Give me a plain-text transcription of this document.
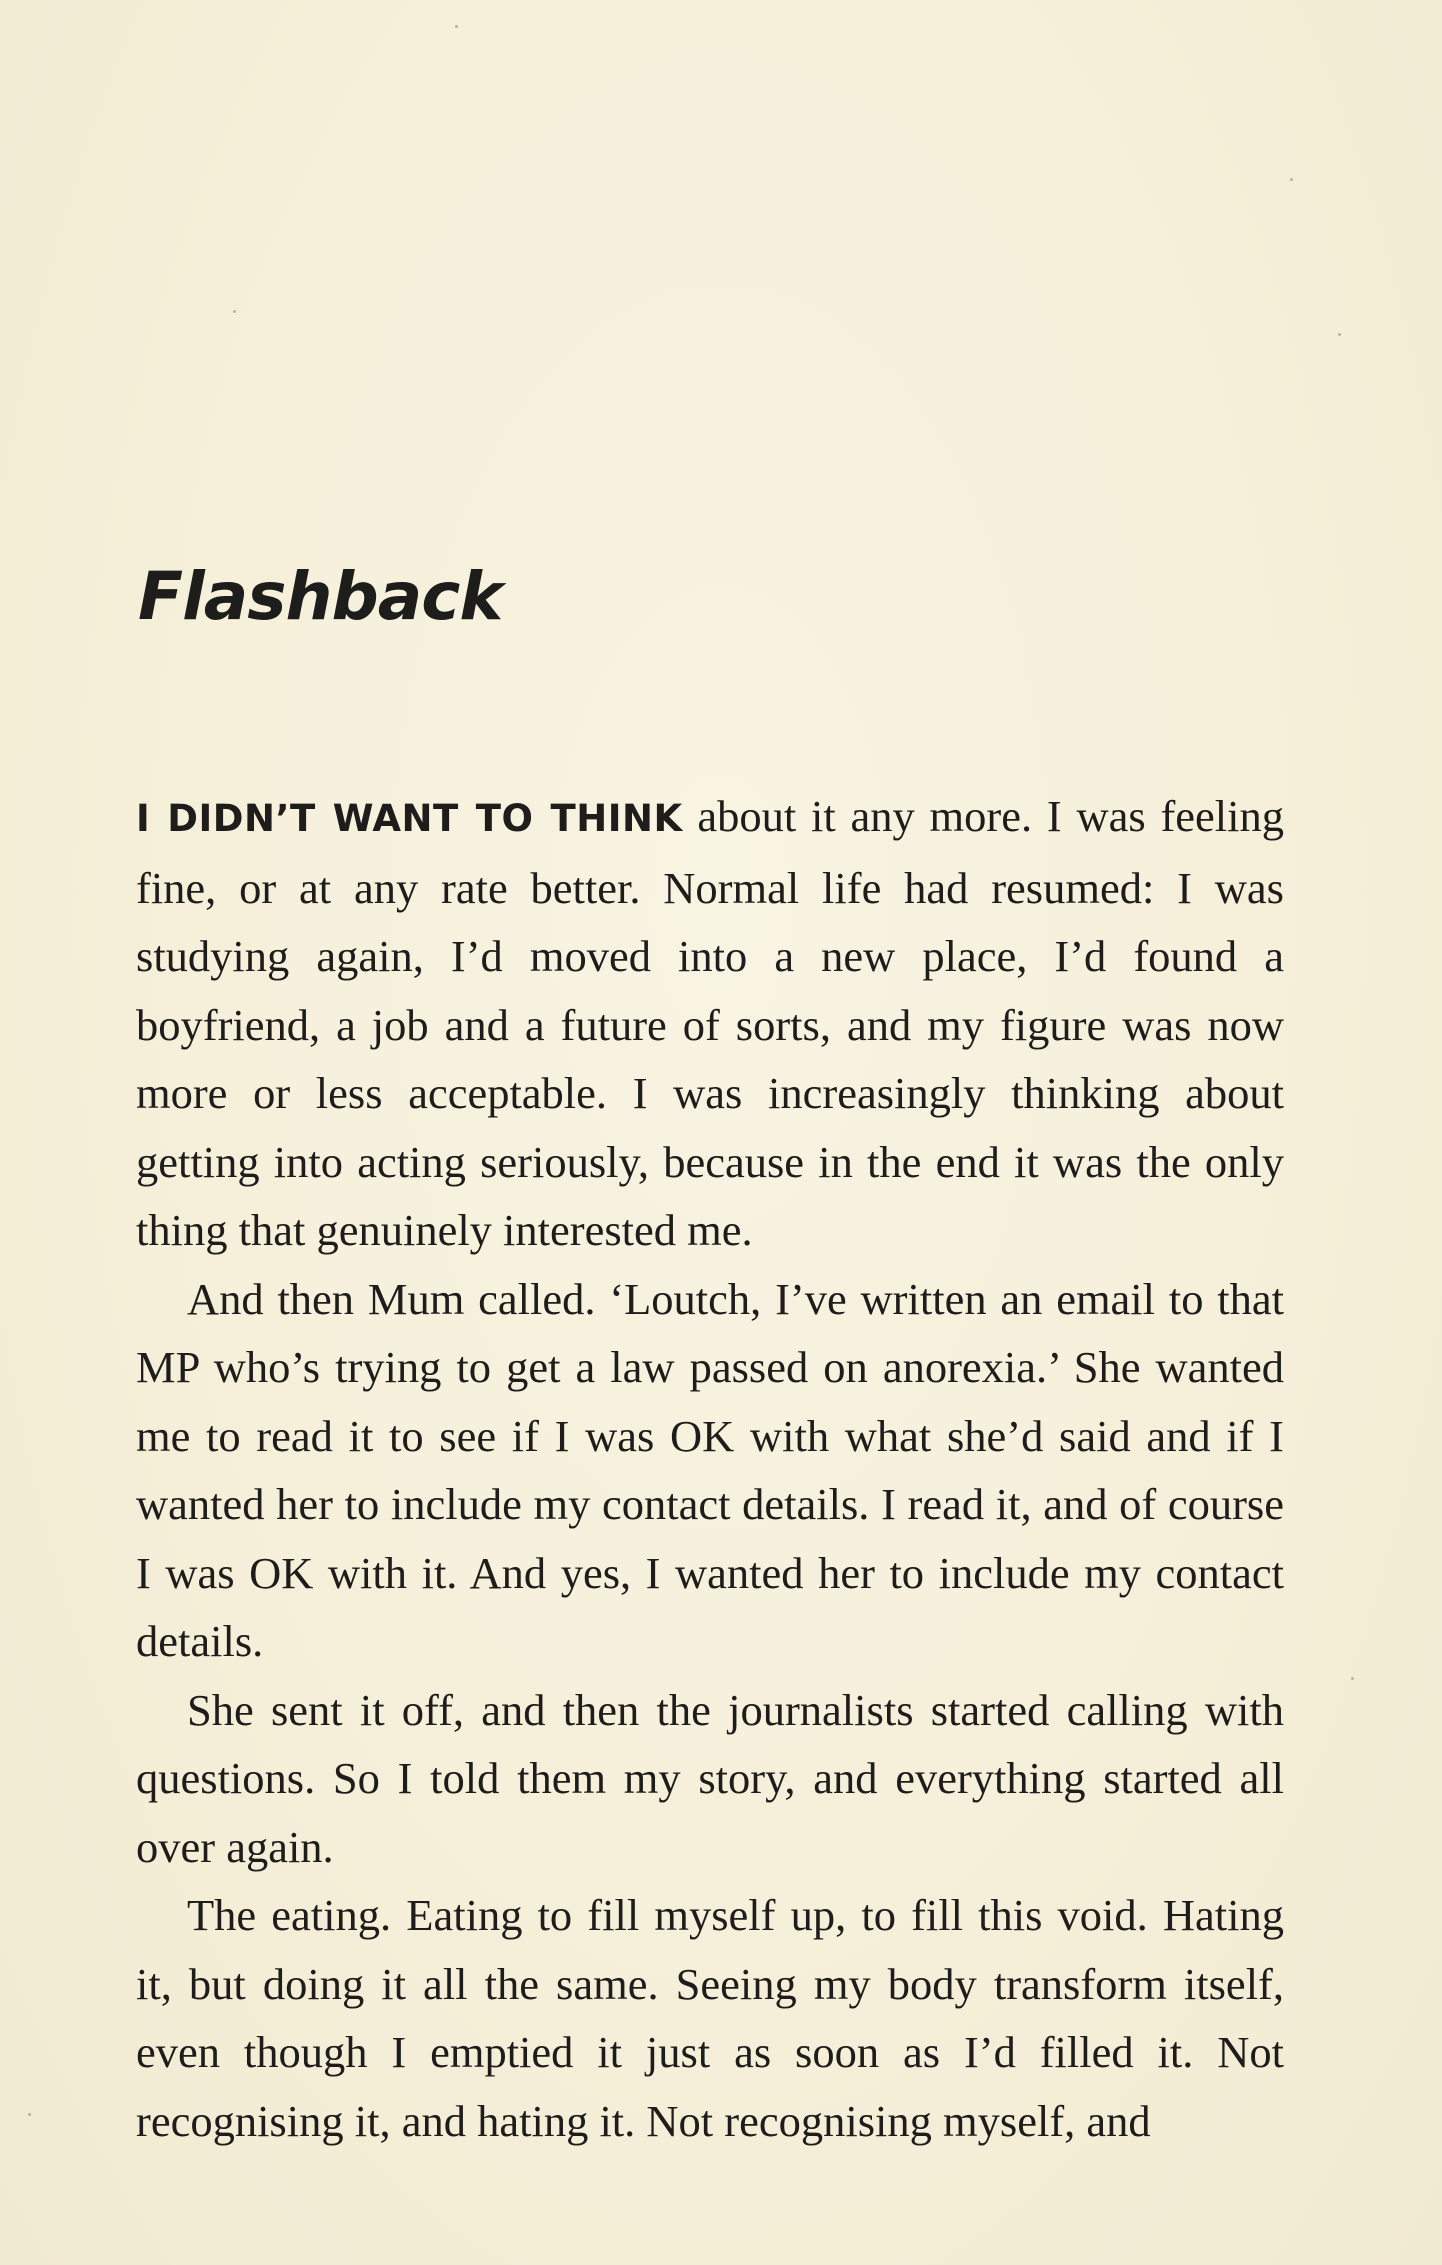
Flashback

I DIDN’T WANT TO THINK about it any more. I was feeling fine, or at any rate better. Normal life had resumed: I was studying again, I’d moved into a new place, I’d found a boyfriend, a job and a future of sorts, and my figure was now more or less acceptable. I was increasingly thinking about getting into acting seriously, because in the end it was the only thing that genuinely interested me.

And then Mum called. ‘Loutch, I’ve written an email to that MP who’s trying to get a law passed on anorexia.’ She wanted me to read it to see if I was OK with what she’d said and if I wanted her to include my contact details. I read it, and of course I was OK with it. And yes, I wanted her to include my contact details.

She sent it off, and then the journalists started calling with questions. So I told them my story, and everything started all over again.

The eating. Eating to fill myself up, to fill this void. Hating it, but doing it all the same. Seeing my body transform itself, even though I emptied it just as soon as I’d filled it. Not recognising it, and hating it. Not recognising myself, and
